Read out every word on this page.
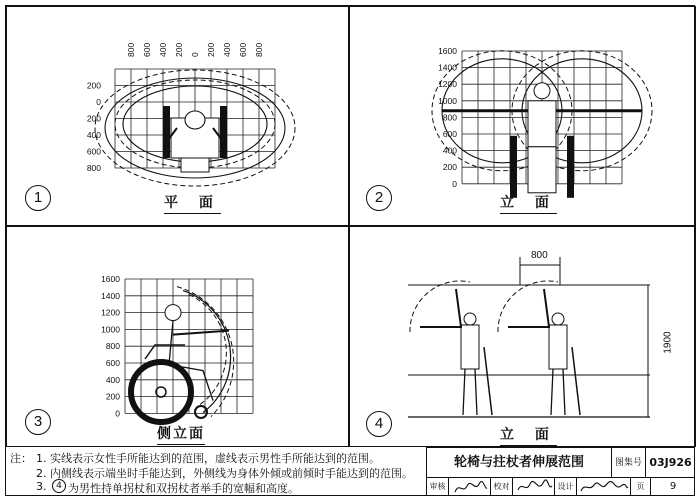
800 600 400 200 0 200 400 600 800
200
0
200
400
600
800
1	平 面
1600
1400
1200
1000
800
600
400
200
0
2	立 面
1600
1400
1200
1000
800
600
400
200
0
3
侧立面
4
立 面
800
1900
注： 1. 实线表示女性手所能达到的范围，虚线表示男性手所能达到的范围。
2. 内侧线表示端坐时手能达到，外侧线为身体外倾或前倾时手能达到的范围。
3.	4 为男性持单拐杖和双拐杖者举手的宽幅和高度。
轮椅与拄杖者伸展范围	图集号 03J926
审核	校对	设计	页	9
